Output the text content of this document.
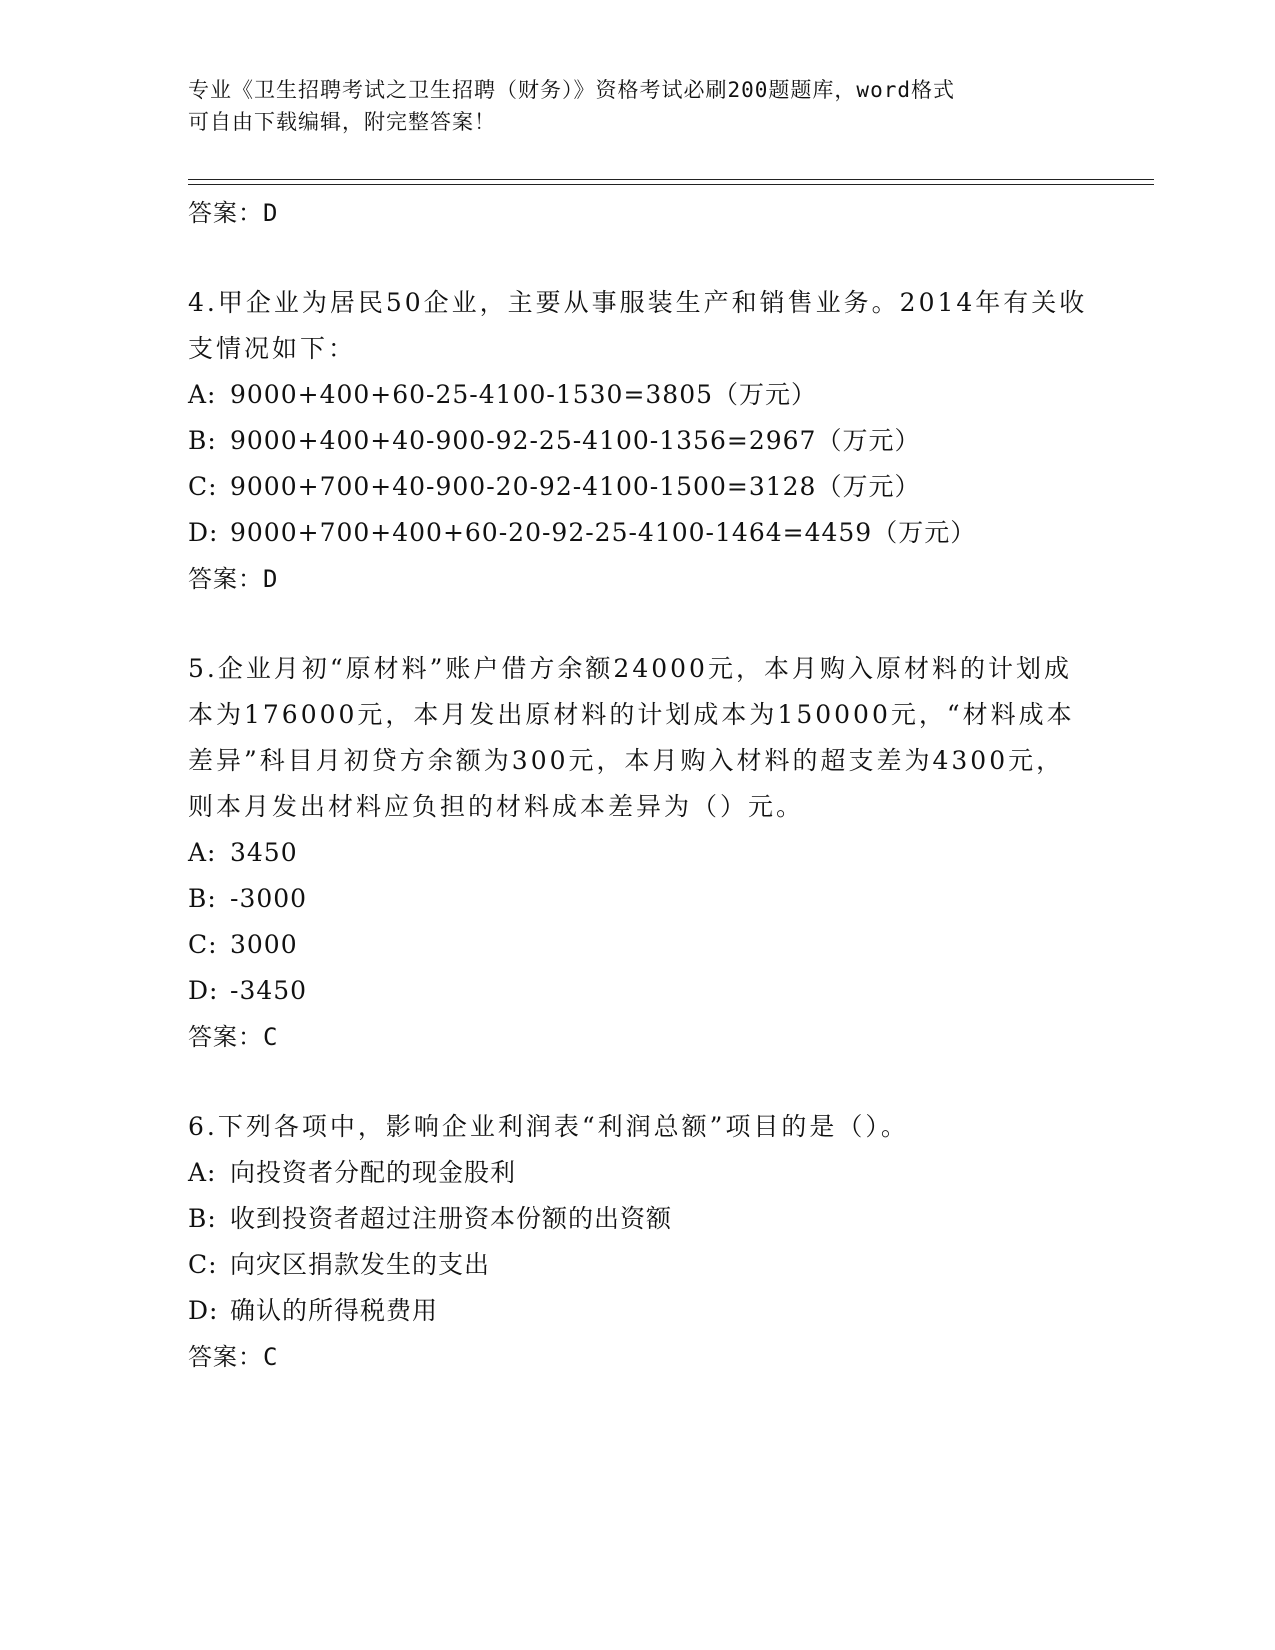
专业《卫生招聘考试之卫生招聘（财务）》资格考试必刷200题题库，word格式
可自由下载编辑，附完整答案！
答案：D
4.甲企业为居民50企业，主要从事服装生产和销售业务。2014年有关收支情况如下：
A: 9000+400+60-25-4100-1530=3805（万元）
B: 9000+400+40-900-92-25-4100-1356=2967（万元）
C: 9000+700+40-900-20-92-4100-1500=3128（万元）
D: 9000+700+400+60-20-92-25-4100-1464=4459（万元）
答案：D
5.企业月初“原材料”账户借方余额24000元，本月购入原材料的计划成本为176000元，本月发出原材料的计划成本为150000元，“材料成本差异”科目月初贷方余额为300元，本月购入材料的超支差为4300元，则本月发出材料应负担的材料成本差异为（）元。
A: 3450
B: -3000
C: 3000
D: -3450
答案：C
6.下列各项中，影响企业利润表“利润总额”项目的是（）。
A: 向投资者分配的现金股利
B: 收到投资者超过注册资本份额的出资额
C: 向灾区捐款发生的支出
D: 确认的所得税费用
答案：C
